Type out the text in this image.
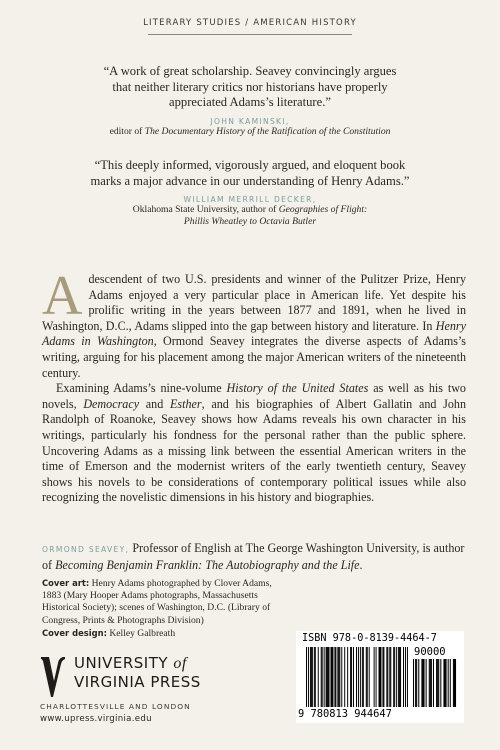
LITERARY STUDIES / AMERICAN HISTORY
“A work of great scholarship. Seavey convincingly argues
that neither literary critics nor historians have properly
appreciated Adams’s literature.”
JOHN KAMINSKI,
editor of The Documentary History of the Ratification of the Constitution
“This deeply informed, vigorously argued, and eloquent book
marks a major advance in our understanding of Henry Adams.”
WILLIAM MERRILL DECKER,
Oklahoma State University, author of Geographies of Flight:
Phillis Wheatley to Octavia Butler

Adescendent of two U.S. presidents and winner of the Pulitzer Prize, Henry Adams enjoyed a very particular place in American life. Yet despite his prolific writing in the years between 1877 and 1891, when he lived in Washington, D.C., Adams slipped into the gap between history and literature. In Henry Adams in Washington, Ormond Seavey integrates the diverse aspects of Adams’s writing, arguing for his placement among the major American writers of the nineteenth century.

Examining Adams’s nine-volume History of the United States as well as his two novels, Democracy and Esther, and his biographies of Albert Gallatin and John Randolph of Roanoke, Seavey shows how Adams reveals his own character in his writings, particularly his fondness for the personal rather than the public sphere. Uncovering Adams as a missing link between the essential American writers in the time of Emerson and the modernist writers of the early twentieth century, Seavey shows his novels to be considerations of contemporary political issues while also recognizing the novelistic dimensions in his history and biographies.

ORMOND SEAVEY, Professor of English at The George Washington University, is author of Becoming Benjamin Franklin: The Autobiography and the Life.

Cover art: Henry Adams photographed by Clover Adams, 1883 (Mary Hooper Adams photographs, Massachusetts Historical Society); scenes of Washington, D.C. (Library of Congress, Prints & Photographs Division)
Cover design: Kelley Galbreath
UNIVERSITY of
VIRGINIA PRESS
CHARLOTTESVILLE AND LONDON
www.upress.virginia.edu
ISBN 978-0-8139-4464-7
90000
9 780813 944647
